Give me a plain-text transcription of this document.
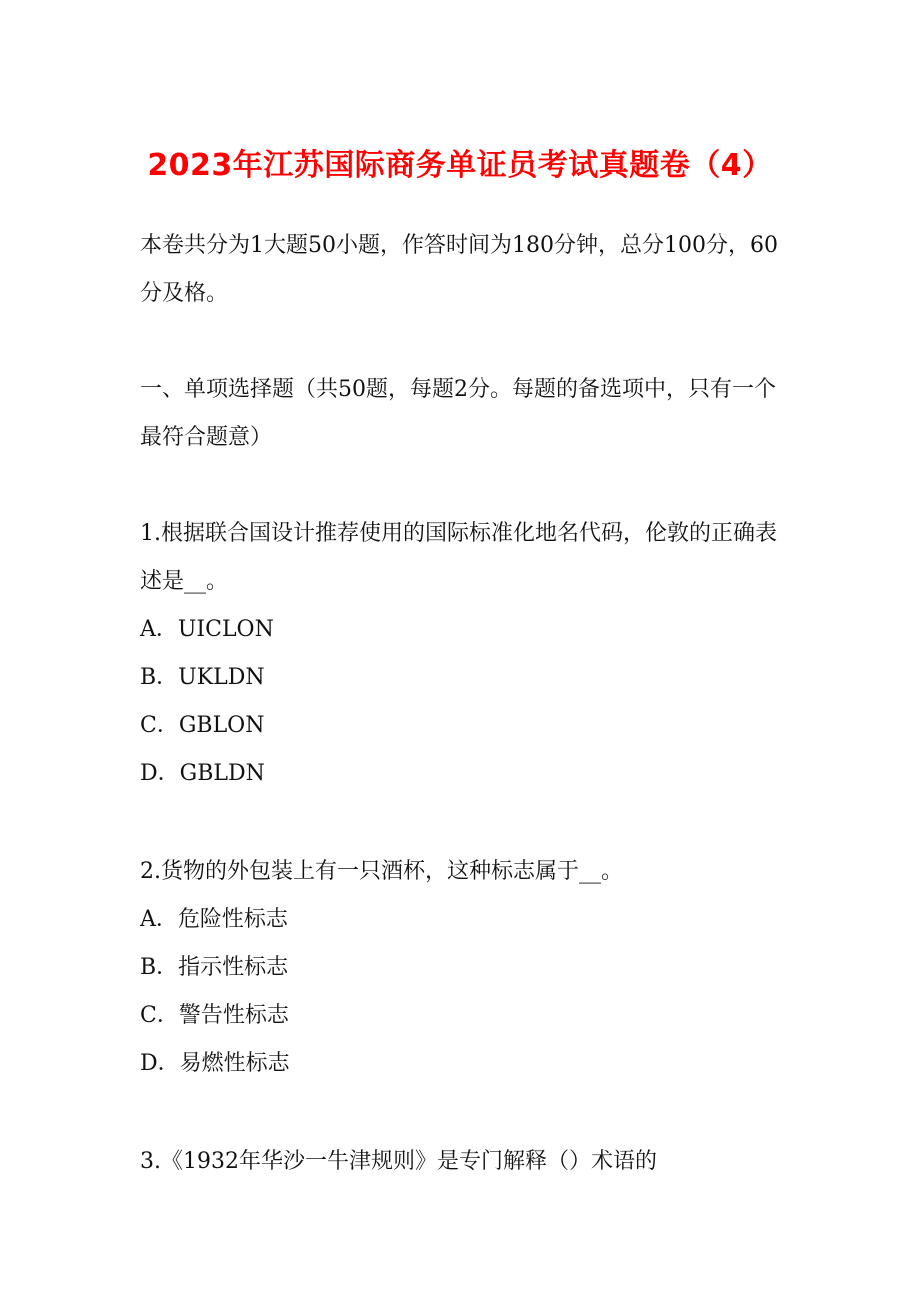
2023年江苏国际商务单证员考试真题卷（4）
本卷共分为1大题50小题，作答时间为180分钟，总分100分，60分及格。
一、单项选择题（共50题，每题2分。每题的备选项中，只有一个最符合题意）
1.根据联合国设计推荐使用的国际标准化地名代码，伦敦的正确表述是__。
A．UICLON
B．UKLDN
C．GBLON
D．GBLDN
2.货物的外包装上有一只酒杯，这种标志属于__。
A．危险性标志
B．指示性标志
C．警告性标志
D．易燃性标志
3.《1932年华沙一牛津规则》是专门解释（）术语的
